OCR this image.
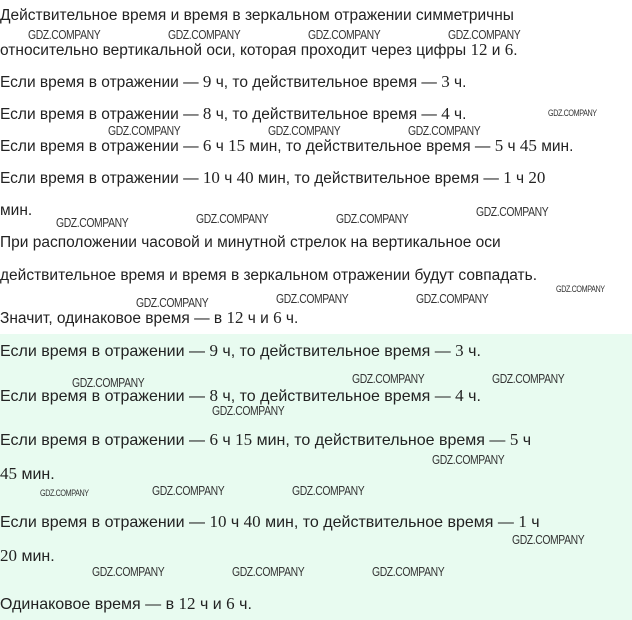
Действительное время и время в зеркальном отражении симметричны
относительно вертикальной оси, которая проходит через цифры 12 и 6.
Если время в отражении — 9 ч, то действительное время — 3 ч.
Если время в отражении — 8 ч, то действительное время — 4 ч.
Если время в отражении — 6 ч 15 мин, то действительное время — 5 ч 45 мин.
Если время в отражении — 10 ч 40 мин, то действительное время — 1 ч 20
мин.
При расположении часовой и минутной стрелок на вертикальное оси
действительное время и время в зеркальном отражении будут совпадать.
Значит, одинаковое время — в 12 ч и 6 ч.
Если время в отражении — 9 ч, то действительное время — 3 ч.
Если время в отражении — 8 ч, то действительное время — 4 ч.
Если время в отражении — 6 ч 15 мин, то действительное время — 5 ч
45 мин.
Если время в отражении — 10 ч 40 мин, то действительное время — 1 ч
20 мин.
Одинаковое время — в 12 ч и 6 ч.
GDZ.COMPANY	GDZ.COMPANY	GDZ.COMPANY	GDZ.COMPANY
GDZ.COMPANY
GDZ.COMPANY	GDZ.COMPANY	GDZ.COMPANY
GDZ.COMPANY	GDZ.COMPANY	GDZ.COMPANY	GDZ.COMPANY
GDZ.COMPANY
GDZ.COMPANY	GDZ.COMPANY	GDZ.COMPANY
GDZ.COMPANY	GDZ.COMPANY	GDZ.COMPANY
GDZ.COMPANY
GDZ.COMPANY
GDZ.COMPANY	GDZ.COMPANY	GDZ.COMPANY
GDZ.COMPANY
GDZ.COMPANY	GDZ.COMPANY	GDZ.COMPANY
